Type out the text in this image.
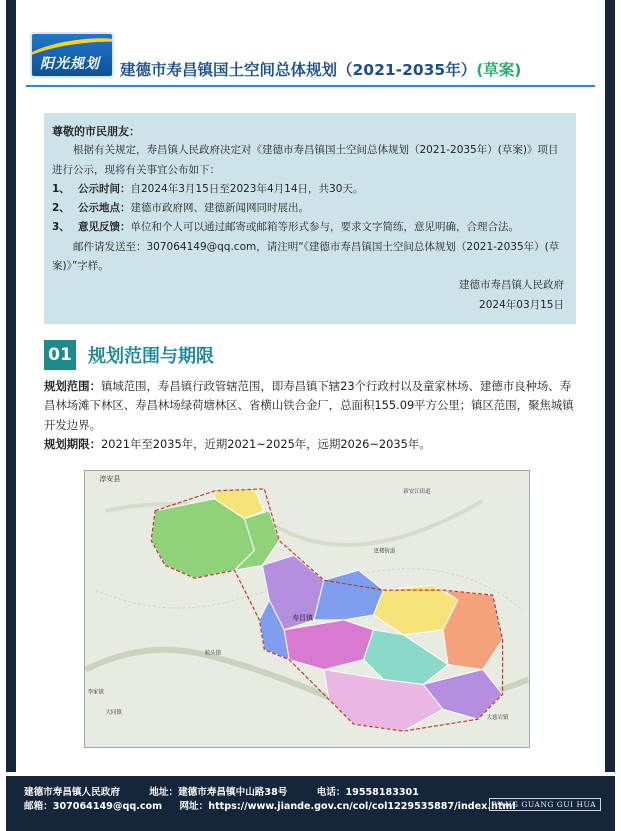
阳光规划 建德市寿昌镇国土空间总体规划（2021-2035年）(草案)
尊敬的市民朋友：
根据有关规定，寿昌镇人民政府决定对《建德市寿昌镇国土空间总体规划（2021-2035年）(草案)》项目进行公示，现将有关事宜公布如下：
1、 公示时间： 自2024年3月15日至2023年4月14日，共30天。
2、 公示地点： 建德市政府网、建德新闻网同时展出。
3、 意见反馈： 单位和个人可以通过邮寄或邮箱等形式参与，要求文字简练，意见明确，合理合法。
邮件请发送至：307064149@qq.com，请注明“《建德市寿昌镇国土空间总体规划（2021-2035年）(草案)》”字样。
建德市寿昌镇人民政府
2024年03月15日
01 规划范围与期限
规划范围：镇域范围，寿昌镇行政管辖范围，即寿昌镇下辖23个行政村以及童家林场、建德市良种场、寿昌林场滩下林区、寿昌林场绿荷塘林区、省横山铁合金厂，总面积155.09平方公里；镇区范围，聚焦城镇开发边界。
规划期限：2021年至2035年，近期2021~2025年，远期2026~2035年。
淳安县
寿昌镇
新安江街道
更楼街道
航头镇
大同镇
李家镇
大慈岩镇
建德市寿昌镇人民政府	地址：建德市寿昌镇中山路38号	电话：19558183301
邮箱：307064149@qq.com 网址：https://www.jiande.gov.cn/col/col1229535887/index.html
YANG GUANG GUI HUA
